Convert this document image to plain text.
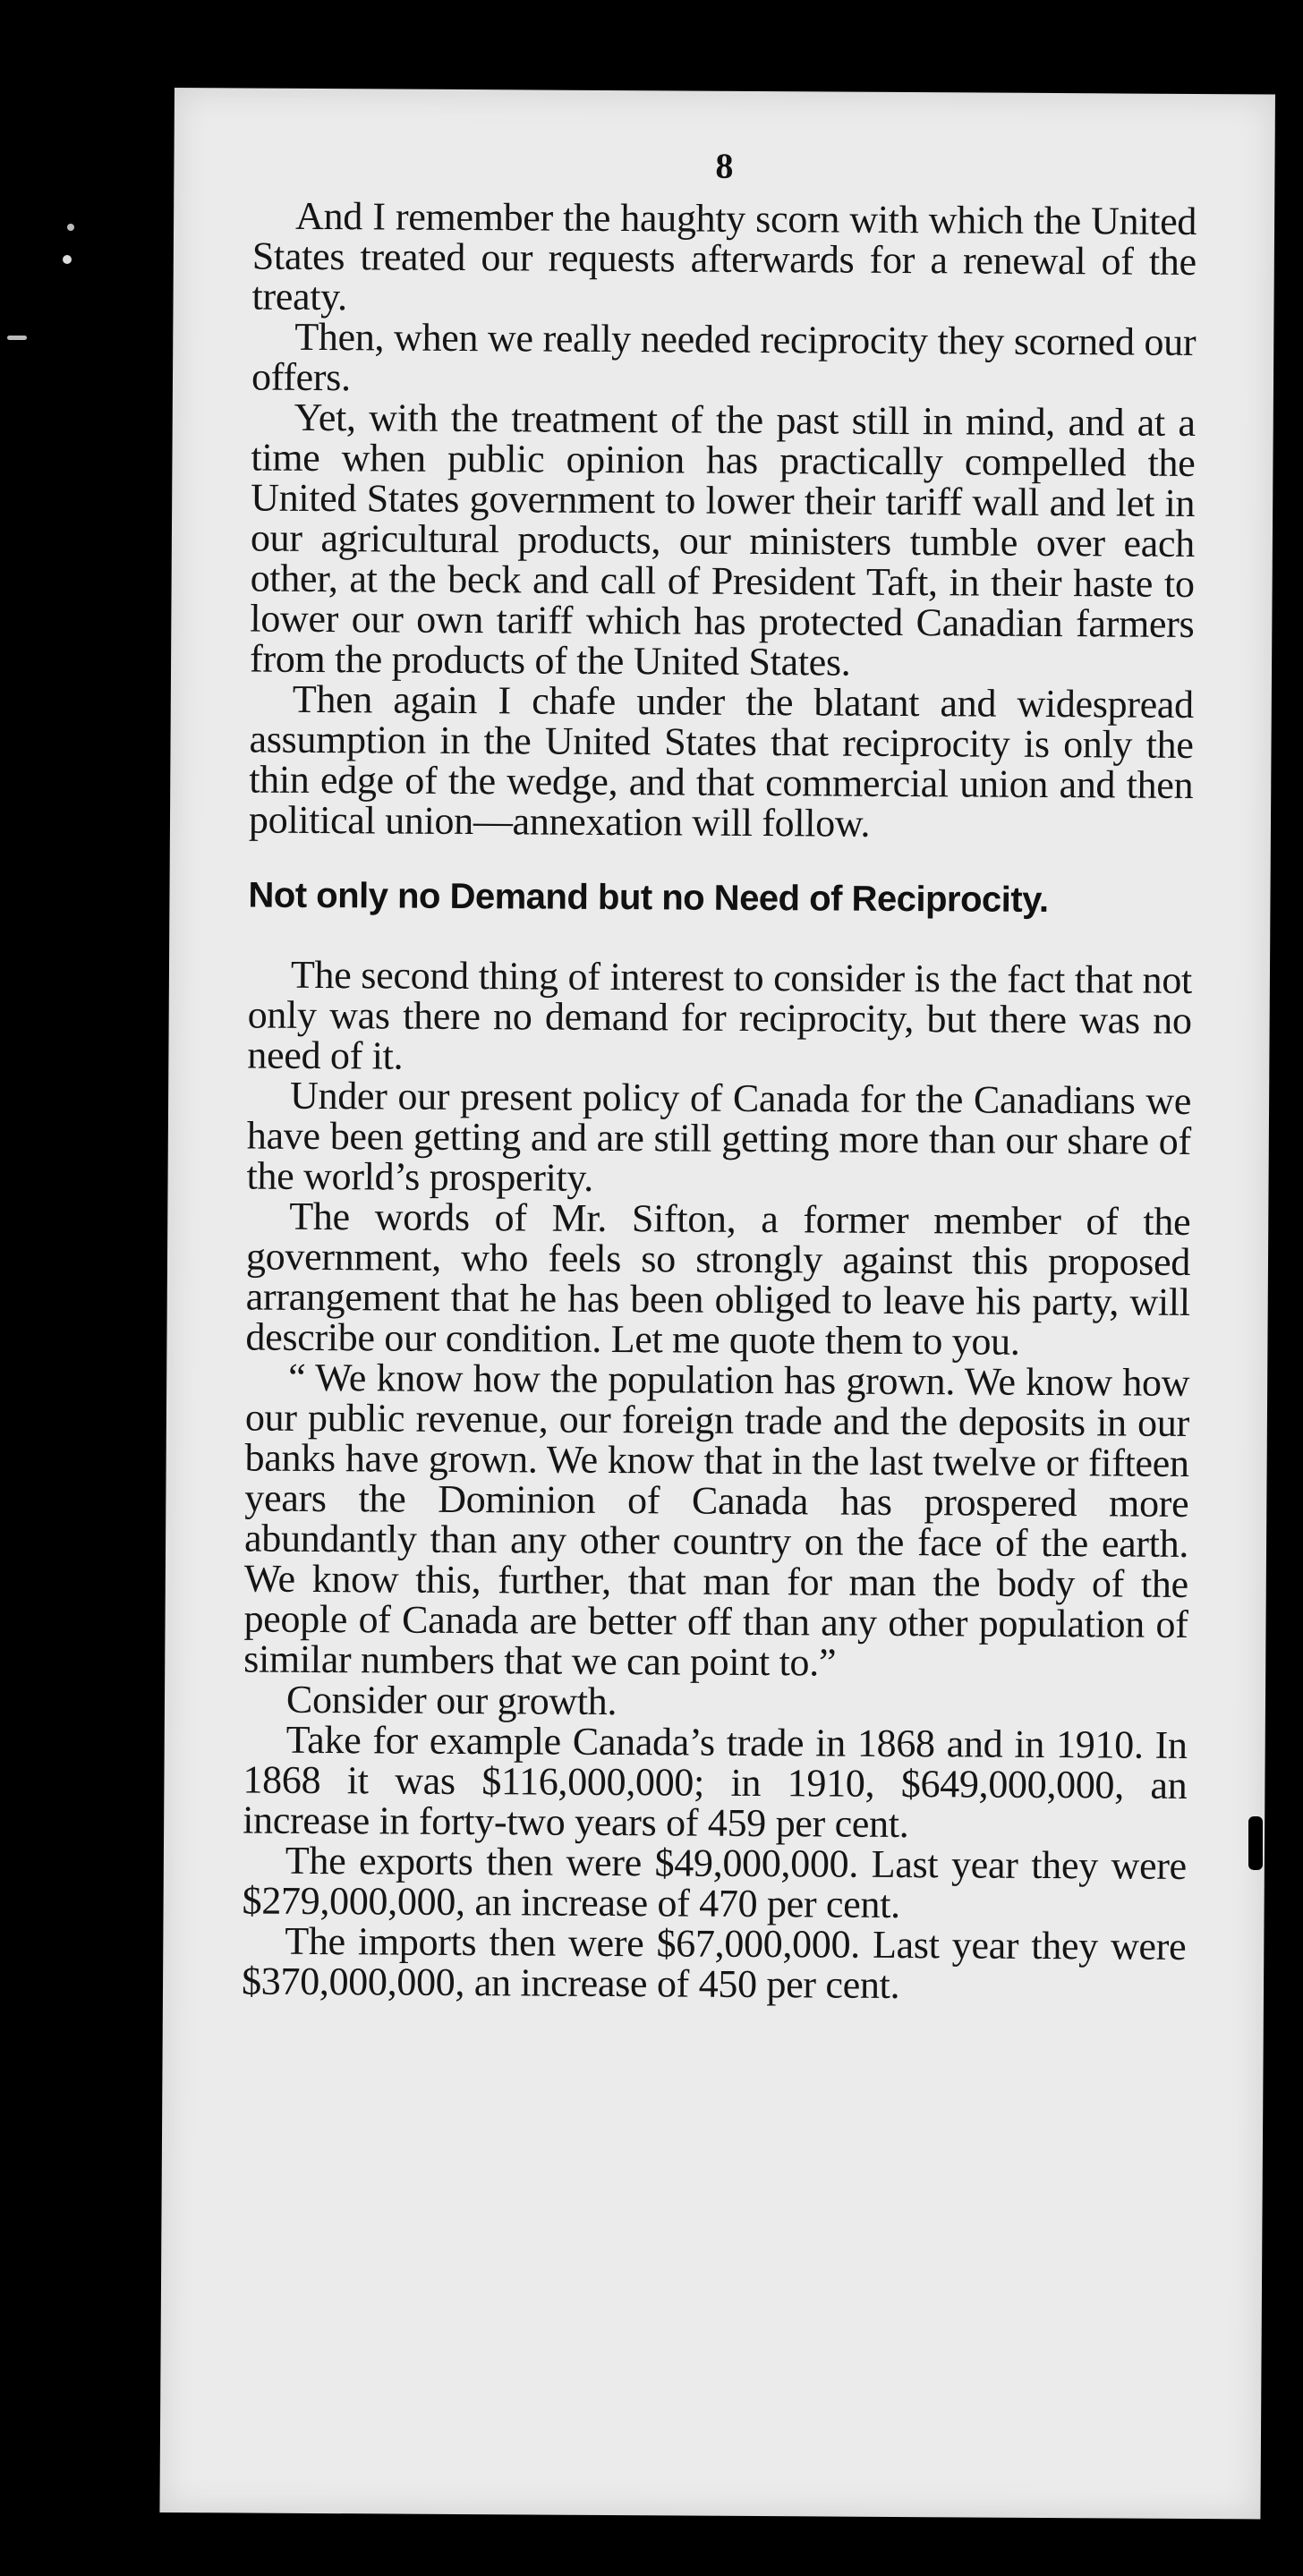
8

And I remember the haughty scorn with which the United States treated our requests afterwards for a renewal of the treaty.

Then, when we really needed reciprocity they scorned our offers.

Yet, with the treatment of the past still in mind, and at a time when public opinion has practically compelled the United States government to lower their tariff wall and let in our agricultural products, our ministers tumble over each other, at the beck and call of President Taft, in their haste to lower our own tariff which has protected Canadian farmers from the products of the United States.

Then again I chafe under the blatant and widespread assumption in the United States that reciprocity is only the thin edge of the wedge, and that commercial union and then political union—annexation will follow.

Not only no Demand but no Need of Reciprocity.

The second thing of interest to consider is the fact that not only was there no demand for reciprocity, but there was no need of it.

Under our present policy of Canada for the Canadians we have been getting and are still getting more than our share of the world’s prosperity.

The words of Mr. Sifton, a former member of the government, who feels so strongly against this proposed arrangement that he has been obliged to leave his party, will describe our condition. Let me quote them to you.

“ We know how the population has grown. We know how our public revenue, our foreign trade and the deposits in our banks have grown. We know that in the last twelve or fifteen years the Dominion of Canada has prospered more abundantly than any other country on the face of the earth. We know this, further, that man for man the body of the people of Canada are better off than any other population of similar numbers that we can point to.”

Consider our growth.

Take for example Canada’s trade in 1868 and in 1910. In 1868 it was $116,000,000; in 1910, $649,000,000, an increase in forty-two years of 459 per cent.

The exports then were $49,000,000. Last year they were $279,000,000, an increase of 470 per cent.

The imports then were $67,000,000. Last year they were $370,000,000, an increase of 450 per cent.
